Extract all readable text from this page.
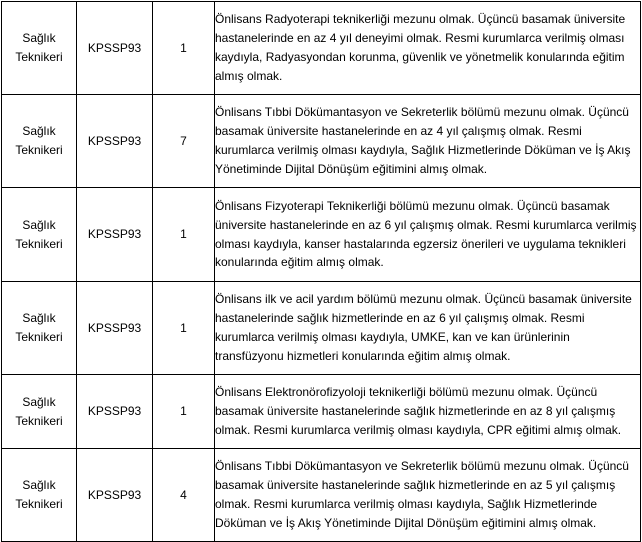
Sağlık Teknikeri	KPSSP93	1	Önlisans Radyoterapi teknikerliği mezunu olmak. Üçüncü basamak üniversite hastanelerinde en az 4 yıl deneyimi olmak. Resmi kurumlarca verilmiş olması kaydıyla, Radyasyondan korunma, güvenlik ve yönetmelik konularında eğitim almış olmak.
Sağlık Teknikeri	KPSSP93	7	Önlisans Tıbbi Dökümantasyon ve Sekreterlik bölümü mezunu olmak. Üçüncü basamak üniversite hastanelerinde en az 4 yıl çalışmış olmak. Resmi kurumlarca verilmiş olması kaydıyla, Sağlık Hizmetlerinde Döküman ve İş Akış Yönetiminde Dijital Dönüşüm eğitimini almış olmak.
Sağlık Teknikeri	KPSSP93	1	Önlisans Fizyoterapi Teknikerliği bölümü mezunu olmak. Üçüncü basamak üniversite hastanelerinde en az 6 yıl çalışmış olmak. Resmi kurumlarca verilmiş olması kaydıyla, kanser hastalarında egzersiz önerileri ve uygulama teknikleri konularında eğitim almış olmak.
Sağlık Teknikeri	KPSSP93	1	Önlisans ilk ve acil yardım bölümü mezunu olmak. Üçüncü basamak üniversite hastanelerinde sağlık hizmetlerinde en az 6 yıl çalışmış olmak. Resmi kurumlarca verilmiş olması kaydıyla, UMKE, kan ve kan ürünlerinin transfüzyonu hizmetleri konularında eğitim almış olmak.
Sağlık Teknikeri	KPSSP93	1	Önlisans Elektronörofizyoloji teknikerliği bölümü mezunu olmak. Üçüncü basamak üniversite hastanelerinde sağlık hizmetlerinde en az 8 yıl çalışmış olmak. Resmi kurumlarca verilmiş olması kaydıyla, CPR eğitimi almış olmak.
Sağlık Teknikeri	KPSSP93	4	Önlisans Tıbbi Dökümantasyon ve Sekreterlik bölümü mezunu olmak. Üçüncü basamak üniversite hastanelerinde sağlık hizmetlerinde en az 5 yıl çalışmış olmak. Resmi kurumlarca verilmiş olması kaydıyla, Sağlık Hizmetlerinde Döküman ve İş Akış Yönetiminde Dijital Dönüşüm eğitimini almış olmak.
